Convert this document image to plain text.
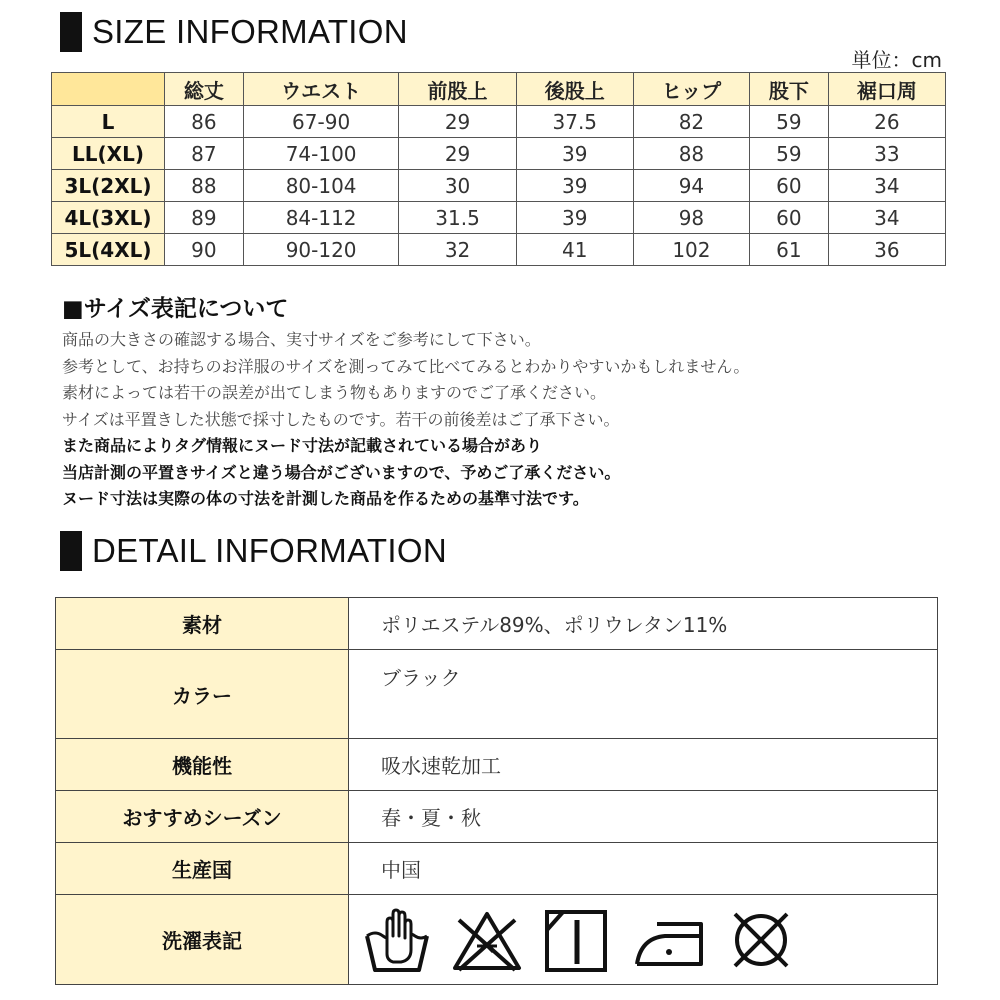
SIZE INFORMATION
単位：cm
	総丈	ウエスト	前股上	後股上	ヒップ	股下	裾口周
L	86	67-90	29	37.5	82	59	26
LL(XL)	87	74-100	29	39	88	59	33
3L(2XL)	88	80-104	30	39	94	60	34
4L(3XL)	89	84-112	31.5	39	98	60	34
5L(4XL)	90	90-120	32	41	102	61	36
■サイズ表記について
商品の大きさの確認する場合、実寸サイズをご参考にして下さい。
参考として、お持ちのお洋服のサイズを測ってみて比べてみるとわかりやすいかもしれません。
素材によっては若干の誤差が出てしまう物もありますのでご了承ください。
サイズは平置きした状態で採寸したものです。若干の前後差はご了承下さい。
また商品によりタグ情報にヌード寸法が記載されている場合があり
当店計測の平置きサイズと違う場合がございますので、予めご了承ください。
ヌード寸法は実際の体の寸法を計測した商品を作るための基準寸法です。
DETAIL INFORMATION
素材	ポリエステル89%、ポリウレタン11%
カラー	ブラック
機能性	吸水速乾加工
おすすめシーズン	春・夏・秋
生産国	中国
洗濯表記	
